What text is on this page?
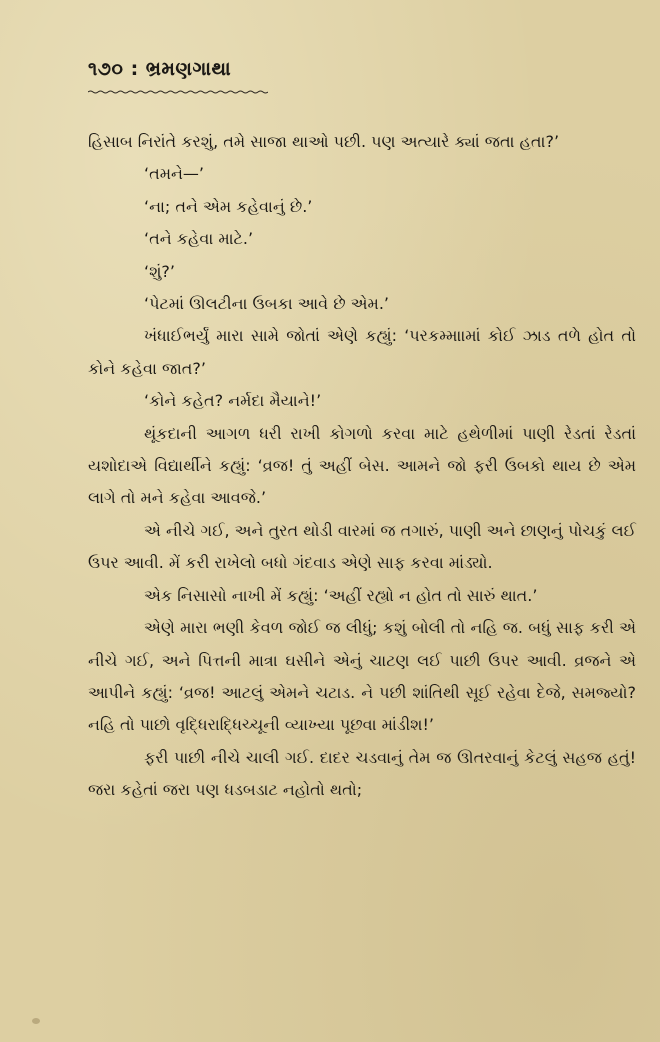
૧૭૦ : ભ્રમણગાથા

હિસાબ નિરાંતે કરશું, તમે સાજા થાઓ પછી. પણ અત્યારે ક્યાં જતા હતા?’

‘તમને—’

‘ના; તને એમ કહેવાનું છે.’

‘તને કહેવા માટે.’

‘શું?’

‘પેટમાં ઊલટીના ઉબકા આવે છે એમ.’

ખંધાઈભર્યું મારા સામે જોતાં એણે કહ્યું: ‘પરકમ્માામાં કોઈ ઝાડ તળે હોત તો કોને કહેવા જાત?’

‘કોને કહેત? નર્મદા મૈયાને!’

થૂંકદાની આગળ ધરી રાખી કોગળો કરવા માટે હથેળીમાં પાણી રેડતાં રેડતાં યશોદાએ વિદ્યાર્થીને કહ્યું: ‘વ્રજ! તું અહીં બેસ. આમને જો ફરી ઉબકો થાય છે એમ લાગે તો મને કહેવા આવજે.’

એ નીચે ગઈ, અને તુરત થોડી વારમાં જ તગારું, પાણી અને છાણનું પોચકું લઈ ઉપર આવી. મેં કરી રાખેલો બધો ગંદવાડ એણે સાફ કરવા માંડ્યો.

એક નિસાસો નાખી મેં કહ્યું: ‘અહીં રહ્યો ન હોત તો સારું થાત.’

એણે મારા ભણી કેવળ જોઈ જ લીધું; કશું બોલી તો નહિ જ. બધું સાફ કરી એ નીચે ગઈ, અને પિત્તની માત્રા ઘસીને એનું ચાટણ લઈ પાછી ઉપર આવી. વ્રજને એ આપીને કહ્યું: ‘વ્રજ! આટલું એમને ચટાડ. ને પછી શાંતિથી સૂઈ રહેવા દેજે, સમજ્યો? નહિ તો પાછો વૃદ્ધિરાદ્ધિચ્ચૂની વ્યાખ્યા પૂછવા માંડીશ!’

ફરી પાછી નીચે ચાલી ગઈ. દાદર ચડવાનું તેમ જ ઊતરવાનું કેટલું સહજ હતું! જરા કહેતાં જરા પણ ધડબડાટ નહોતો થતો;
